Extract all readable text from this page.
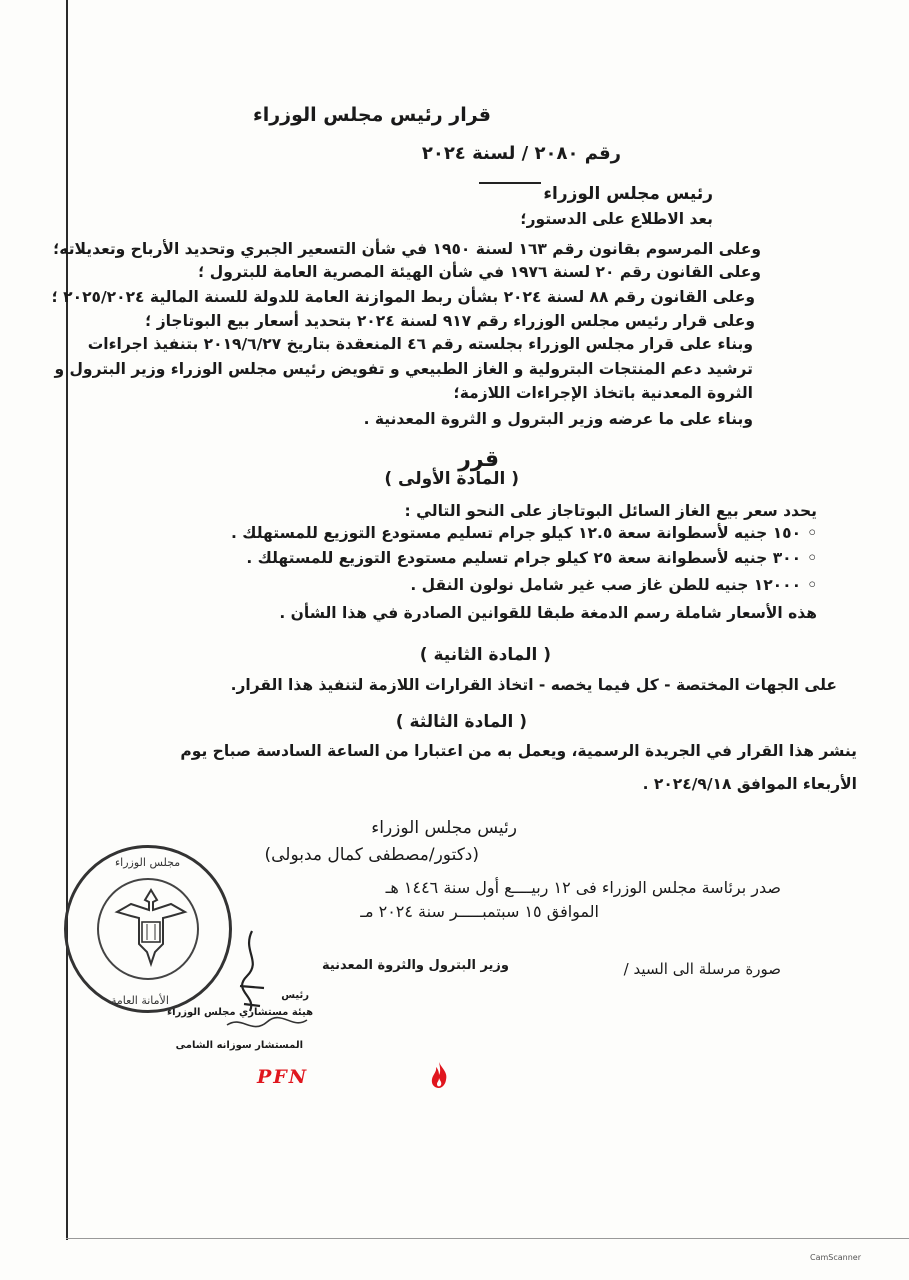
قرار رئيس مجلس الوزراء
رقم ٢٠٨٠ / لسنة ٢٠٢٤
رئيس مجلس الوزراء
بعد الاطلاع على الدستور؛
وعلى المرسوم بقانون رقم ١٦٣ لسنة ١٩٥٠ في شأن التسعير الجبري وتحديد الأرباح وتعديلاته؛
وعلى القانون رقم ٢٠ لسنة ١٩٧٦ في شأن الهيئة المصرية العامة للبترول ؛
وعلى القانون رقم ٨٨ لسنة ٢٠٢٤ بشأن ربط الموازنة العامة للدولة للسنة المالية ٢٠٢٥/٢٠٢٤ ؛
وعلى قرار رئيس مجلس الوزراء رقم ٩١٧ لسنة ٢٠٢٤ بتحديد أسعار بيع البوتاجاز ؛
وبناء على قرار مجلس الوزراء بجلسته رقم ٤٦ المنعقدة بتاريخ ٢٠١٩/٦/٢٧ بتنفيذ اجراءات
ترشيد دعم المنتجات البترولية و الغاز الطبيعي و تفويض رئيس مجلس الوزراء وزير البترول و
الثروة المعدنية باتخاذ الإجراءات اللازمة؛
وبناء على ما عرضه وزير البترول و الثروة المعدنية .
قرر
( المادة الأولى )
يحدد سعر بيع الغاز السائل البوتاجاز على النحو التالي :
◦ ١٥٠ جنيه لأسطوانة سعة ١٢.٥ كيلو جرام تسليم مستودع التوزيع للمستهلك .
◦ ٣٠٠ جنيه لأسطوانة سعة ٢٥ كيلو جرام تسليم مستودع التوزيع للمستهلك .
◦ ١٢٠٠٠ جنيه للطن غاز صب غير شامل نولون النقل .
هذه الأسعار شاملة رسم الدمغة طبقا للقوانين الصادرة في هذا الشأن .
( المادة الثانية )
على الجهات المختصة - كل فيما يخصه - اتخاذ القرارات اللازمة لتنفيذ هذا القرار.
( المادة الثالثة )
ينشر هذا القرار في الجريدة الرسمية، ويعمل به من اعتبارا من الساعة السادسة صباح يوم
الأربعاء الموافق ٢٠٢٤/٩/١٨ .
رئيس مجلس الوزراء
(دكتور/مصطفى كمال مدبولى)
صدر برئاسة مجلس الوزراء فى ١٢ ربيــــع أول سنة ١٤٤٦ هـ
الموافق ١٥ سبتمبـــــر سنة ٢٠٢٤ مـ
صورة مرسلة الى السيد /
وزير البترول والثروة المعدنية
رئيس
هيئة مستشاري مجلس الوزراء
المستشار سوزانه الشامى
مجلس الوزراء
الأمانة العامة
PFN
CamScanner
